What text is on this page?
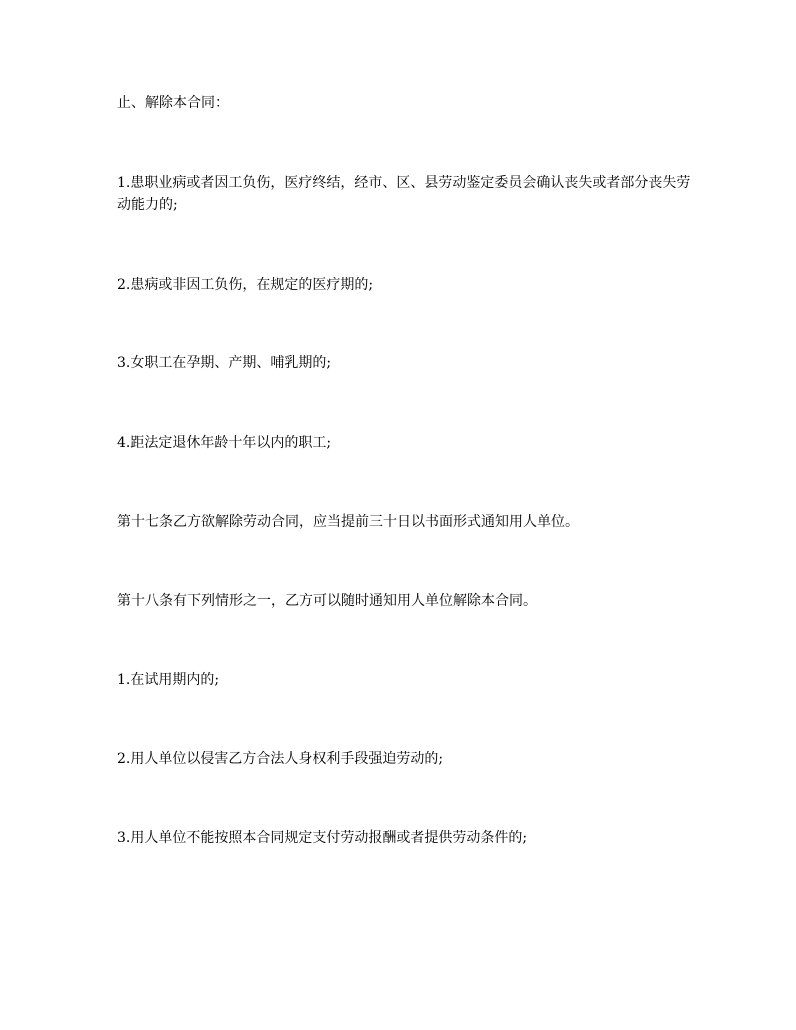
止、解除本合同：

1.患职业病或者因工负伤，医疗终结，经市、区、县劳动鉴定委员会确认丧失或者部分丧失劳动能力的;

2.患病或非因工负伤，在规定的医疗期的;

3.女职工在孕期、产期、哺乳期的;

4.距法定退休年龄十年以内的职工;

第十七条乙方欲解除劳动合同，应当提前三十日以书面形式通知用人单位。

第十八条有下列情形之一，乙方可以随时通知用人单位解除本合同。

1.在试用期内的;

2.用人单位以侵害乙方合法人身权利手段强迫劳动的;

3.用人单位不能按照本合同规定支付劳动报酬或者提供劳动条件的;
